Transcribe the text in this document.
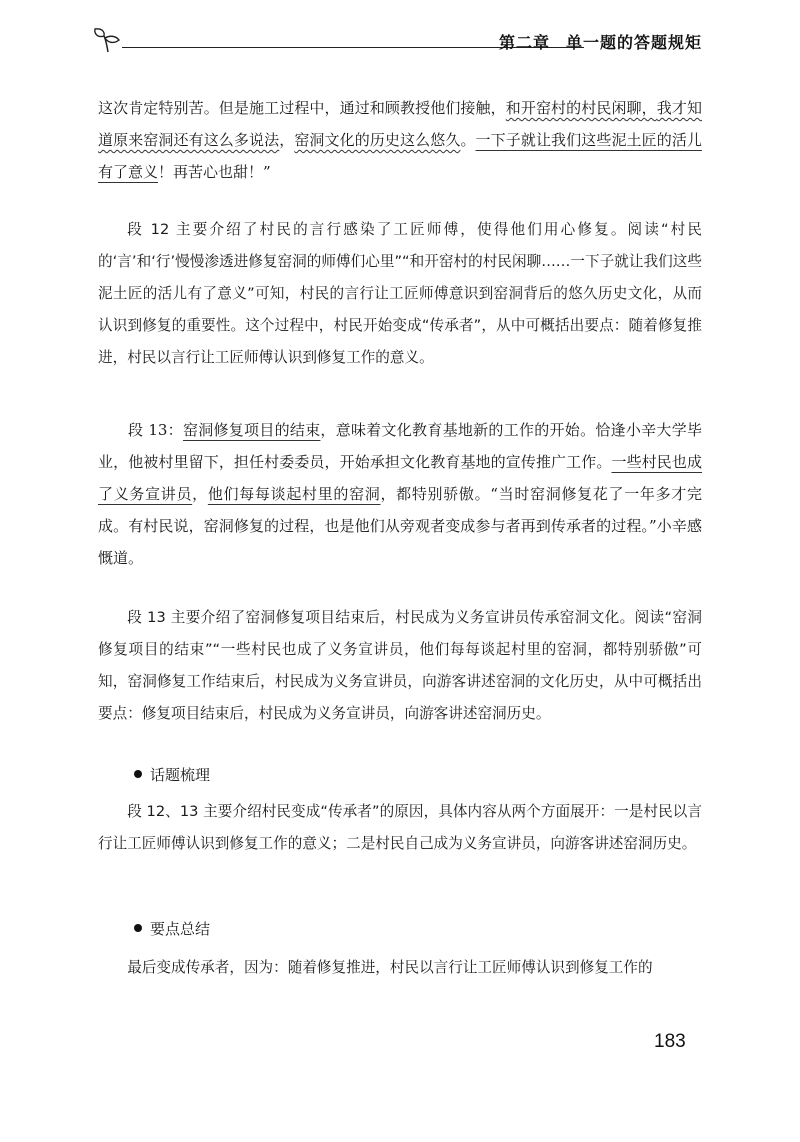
第二章 单一题的答题规矩

这次肯定特别苦。但是施工过程中，通过和顾教授他们接触，和开窑村的村民闲聊，我才知道原来窑洞还有这么多说法，窑洞文化的历史这么悠久。一下子就让我们这些泥土匠的活儿有了意义！再苦心也甜！”

段 12 主要介绍了村民的言行感染了工匠师傅，使得他们用心修复。阅读“村民的‘言’和‘行’慢慢渗透进修复窑洞的师傅们心里”“和开窑村的村民闲聊……一下子就让我们这些泥土匠的活儿有了意义”可知，村民的言行让工匠师傅意识到窑洞背后的悠久历史文化，从而认识到修复的重要性。这个过程中，村民开始变成“传承者”，从中可概括出要点：随着修复推进，村民以言行让工匠师傅认识到修复工作的意义。

段 13：窑洞修复项目的结束，意味着文化教育基地新的工作的开始。恰逢小辛大学毕业，他被村里留下，担任村委委员，开始承担文化教育基地的宣传推广工作。一些村民也成了义务宣讲员，他们每每谈起村里的窑洞，都特别骄傲。“当时窑洞修复花了一年多才完成。有村民说，窑洞修复的过程，也是他们从旁观者变成参与者再到传承者的过程。”小辛感慨道。

段 13 主要介绍了窑洞修复项目结束后，村民成为义务宣讲员传承窑洞文化。阅读“窑洞修复项目的结束”“一些村民也成了义务宣讲员，他们每每谈起村里的窑洞，都特别骄傲”可知，窑洞修复工作结束后，村民成为义务宣讲员，向游客讲述窑洞的文化历史，从中可概括出要点：修复项目结束后，村民成为义务宣讲员，向游客讲述窑洞历史。

话题梳理

段 12、13 主要介绍村民变成“传承者”的原因，具体内容从两个方面展开：一是村民以言行让工匠师傅认识到修复工作的意义；二是村民自己成为义务宣讲员，向游客讲述窑洞历史。

要点总结

最后变成传承者，因为：随着修复推进，村民以言行让工匠师傅认识到修复工作的

183
